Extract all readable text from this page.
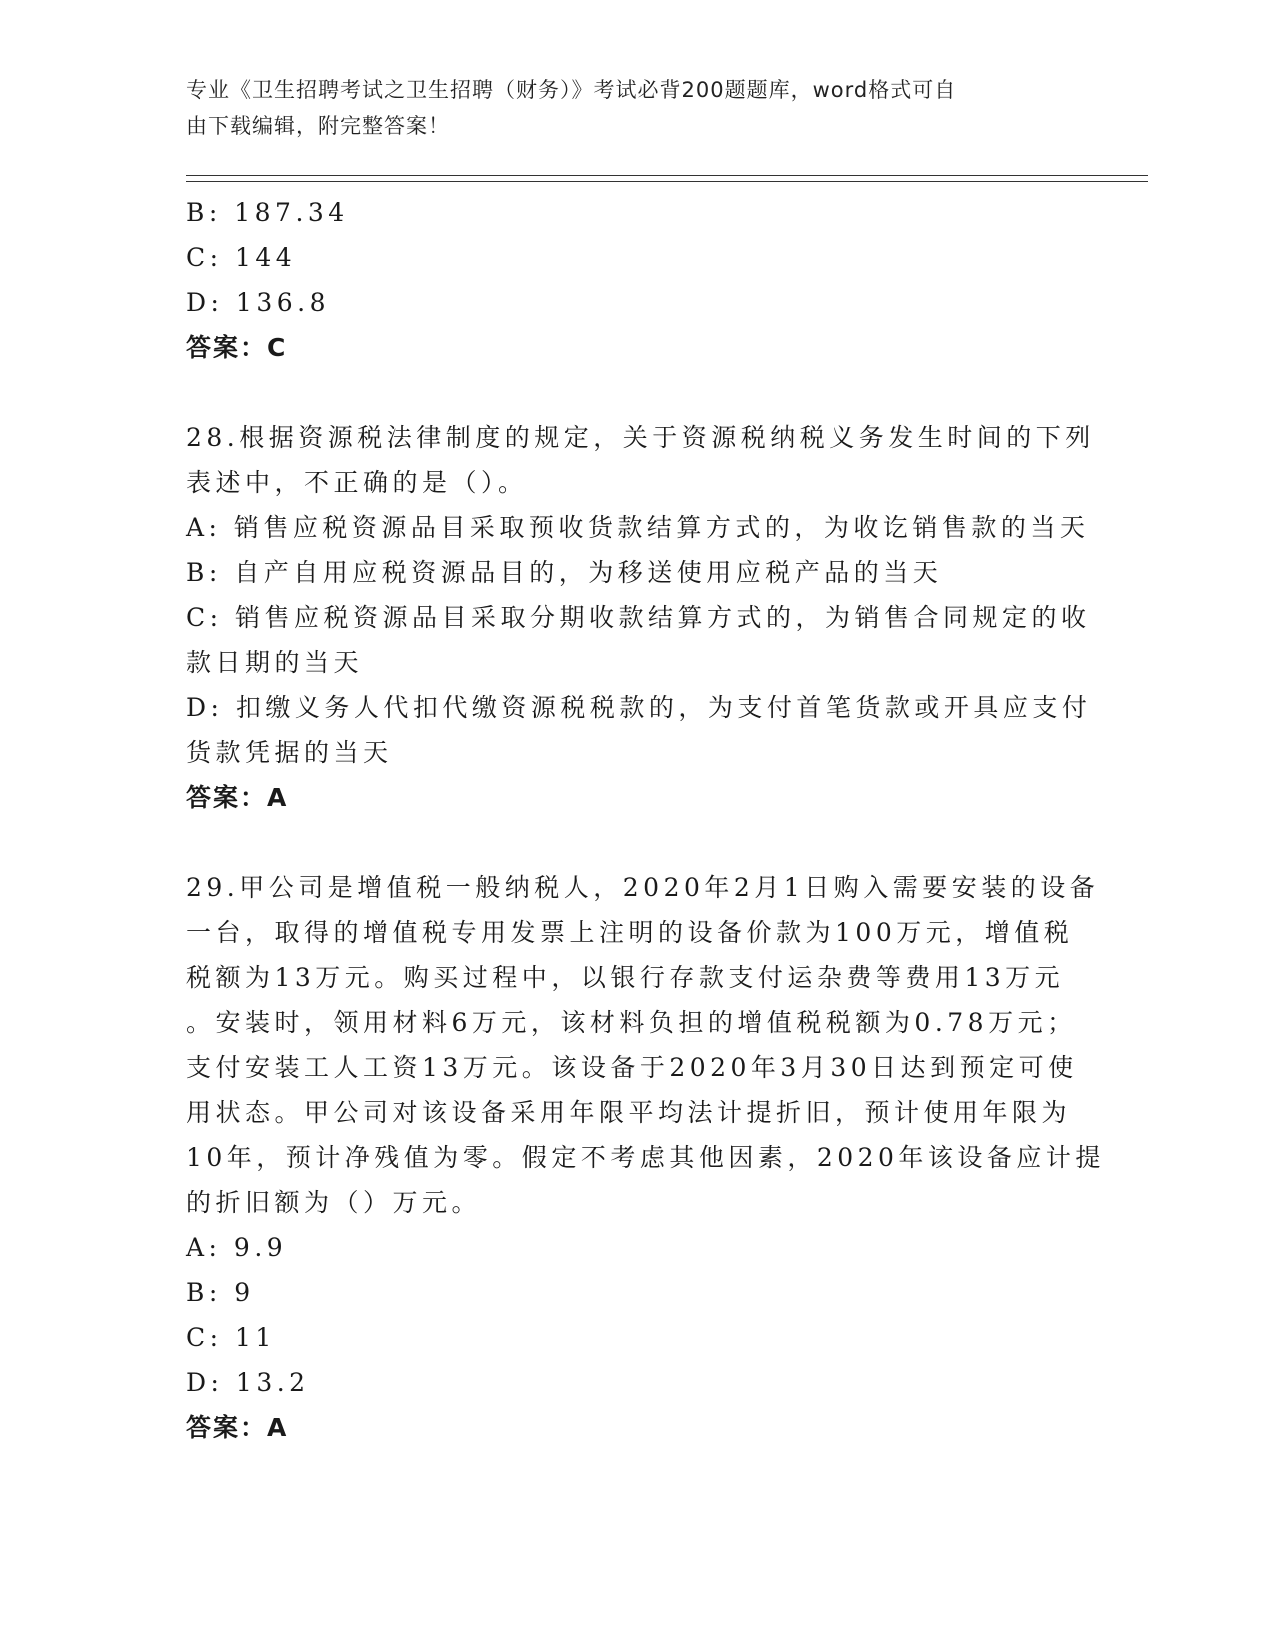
专业《卫生招聘考试之卫生招聘（财务）》考试必背200题题库，word格式可自
由下载编辑，附完整答案！
B: 187.34
C: 144
D: 136.8
答案：C
28.根据资源税法律制度的规定，关于资源税纳税义务发生时间的下列
表述中，不正确的是（）。
A: 销售应税资源品目采取预收货款结算方式的，为收讫销售款的当天
B: 自产自用应税资源品目的，为移送使用应税产品的当天
C: 销售应税资源品目采取分期收款结算方式的，为销售合同规定的收
款日期的当天
D: 扣缴义务人代扣代缴资源税税款的，为支付首笔货款或开具应支付
货款凭据的当天
答案：A
29.甲公司是增值税一般纳税人，2020年2月1日购入需要安装的设备
一台，取得的增值税专用发票上注明的设备价款为100万元，增值税
税额为13万元。购买过程中，以银行存款支付运杂费等费用13万元
。安装时，领用材料6万元，该材料负担的增值税税额为0.78万元；
支付安装工人工资13万元。该设备于2020年3月30日达到预定可使
用状态。甲公司对该设备采用年限平均法计提折旧，预计使用年限为
10年，预计净残值为零。假定不考虑其他因素，2020年该设备应计提
的折旧额为（）万元。
A: 9.9
B: 9
C: 11
D: 13.2
答案：A
